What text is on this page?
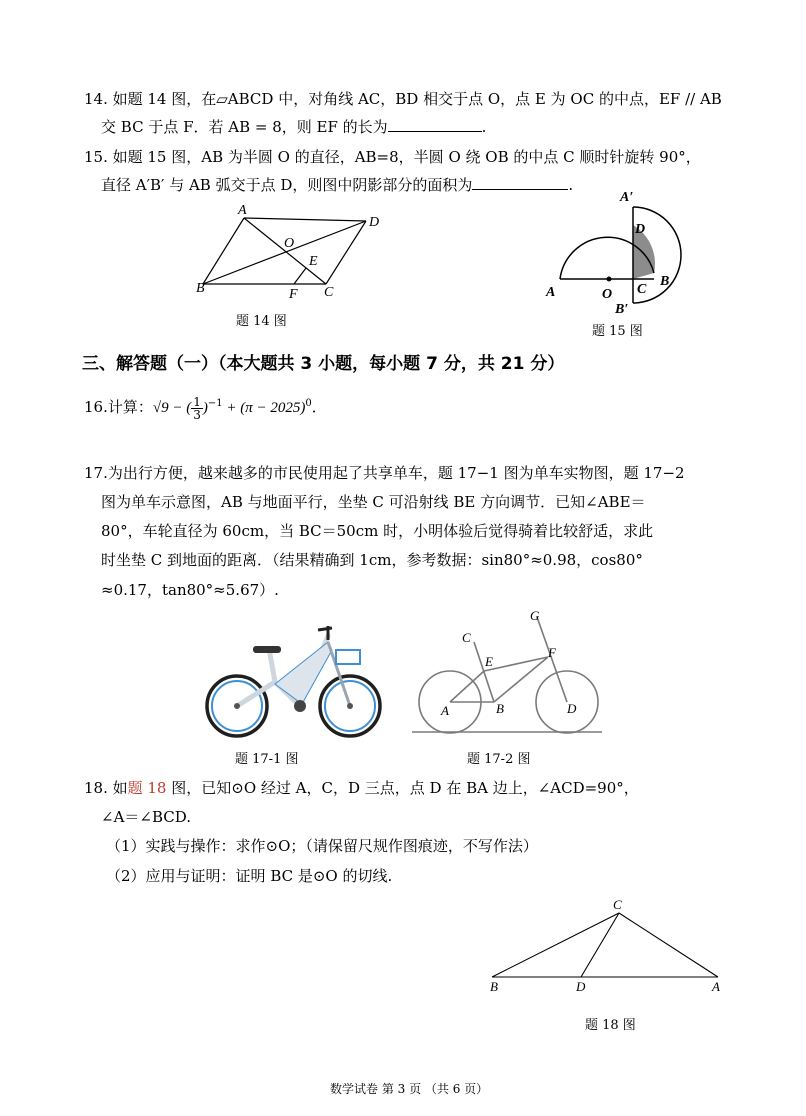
14. 如题 14 图，在▱ABCD 中，对角线 AC，BD 相交于点 O，点 E 为 OC 的中点，EF // AB
交 BC 于点 F．若 AB = 8，则 EF 的长为	.
15. 如题 15 图，AB 为半圆 O 的直径，AB=8，半圆 O 绕 OB 的中点 C 顺时针旋转 90°，
直径 A′B′ 与 AB 弧交于点 D，则图中阴影部分的面积为	.
A
D
O
E
B	F C
题 14 图
A′
D
B
A	O C
B′
题 15 图
三、解答题（一）（本大题共 3 小题，每小题 7 分，共 21 分）
16.计算：√9 − ( $\frac{1}{3} )^{-1} + (\pi - 2025)^0$．
17.为出行方便，越来越多的市民使用起了共享单车，题 17−1 图为单车实物图，题 17−2
图为单车示意图，AB 与地面平行，坐垫 C 可沿射线 BE 方向调节．已知∠ABE＝
80°，车轮直径为 60cm，当 BC＝50cm 时，小明体验后觉得骑着比较舒适，求此
时坐垫 C 到地面的距离．（结果精确到 1cm，参考数据：sin80°≈0.98，cos80°
≈0.17，tan80°≈5.67）.
题 17-1 图
C
E
G
F
A	B	D
题 17-2 图
18. 如题 18 图，已知⊙O 经过 A，C，D 三点，点 D 在 BA 边上，∠ACD=90°，
∠A＝∠BCD.
（1）实践与操作：求作⊙O；（请保留尺规作图痕迹，不写作法）
（2）应用与证明：证明 BC 是⊙O 的切线.
C
B	D	A
题 18 图
数学试卷 第 3 页 （共 6 页）
